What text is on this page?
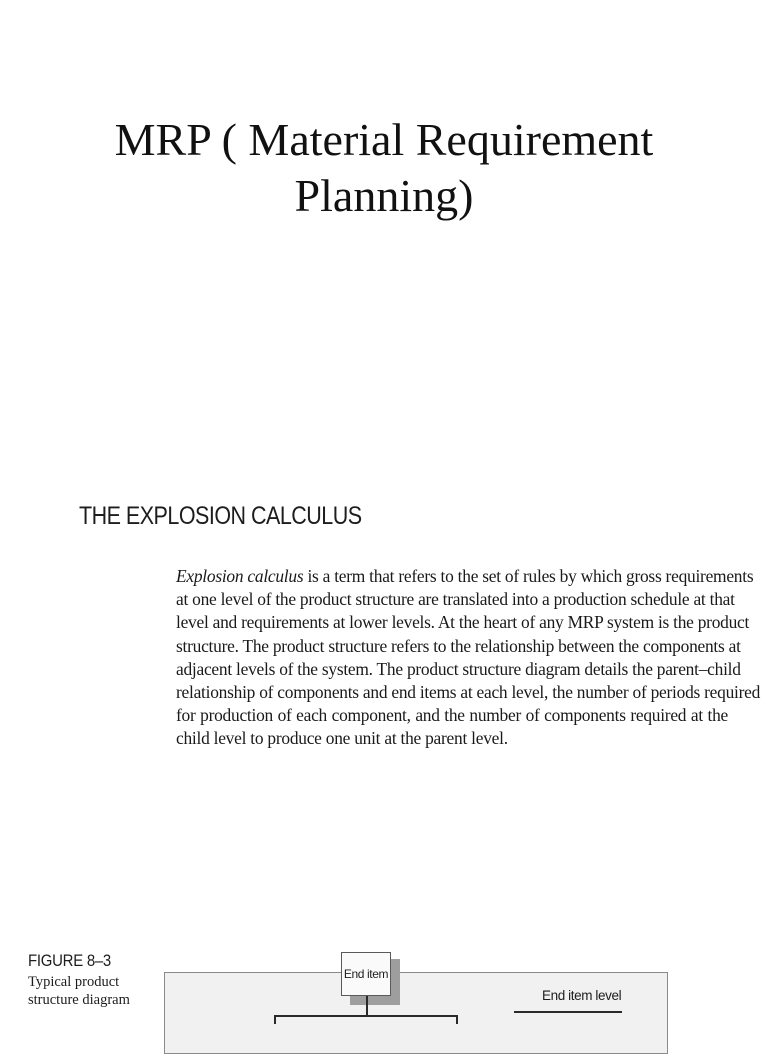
MRP ( Material Requirement
Planning)
THE EXPLOSION CALCULUS
Explosion calculus is a term that refers to the set of rules by which gross requirements
at one level of the product structure are translated into a production schedule at that
level and requirements at lower levels. At the heart of any MRP system is the product
structure. The product structure refers to the relationship between the components at
adjacent levels of the system. The product structure diagram details the parent–child
relationship of components and end items at each level, the number of periods required
for production of each component, and the number of components required at the
child level to produce one unit at the parent level.
FIGURE 8–3
Typical product
structure diagram
End item
End item level
